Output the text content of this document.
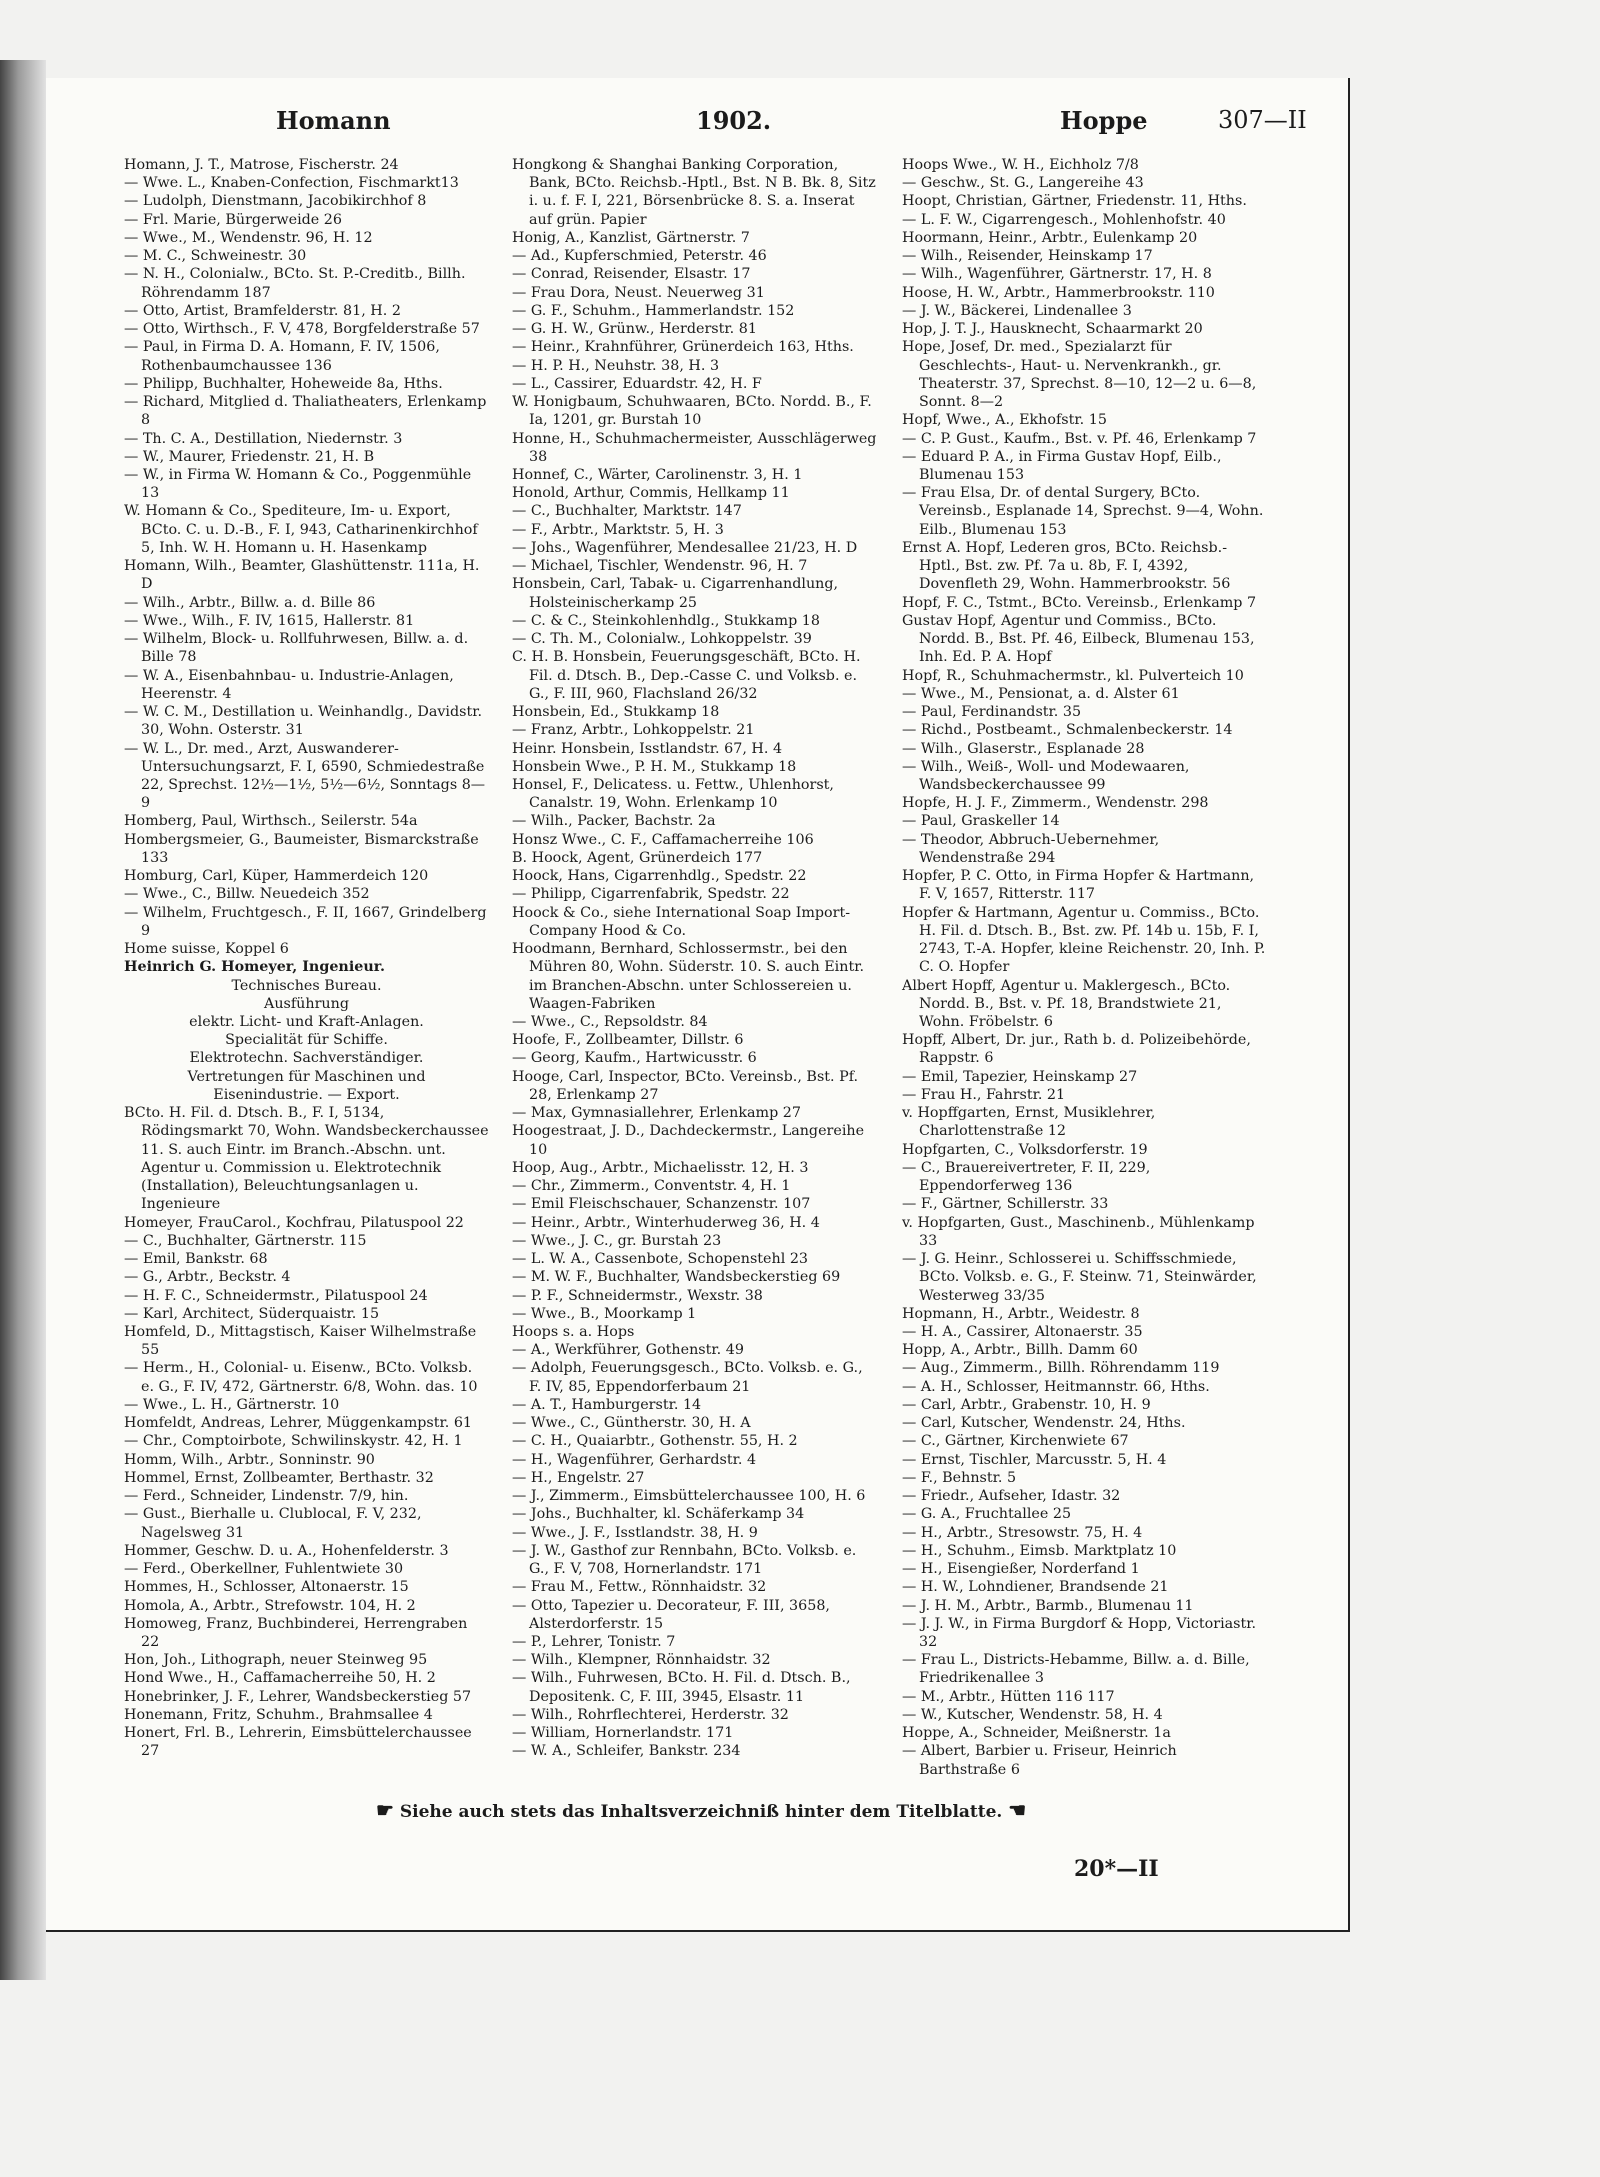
Homann	1902.	Hoppe	307—II

Homann, J. T., Matrose, Fischerstr. 24

— Wwe. L., Knaben-Confection, Fischmarkt13

— Ludolph, Dienstmann, Jacobikirchhof 8

— Frl. Marie, Bürgerweide 26

— Wwe., M., Wendenstr. 96, H. 12

— M. C., Schweinestr. 30

— N. H., Colonialw., BCto. St. P.-Creditb., Billh. Röhrendamm 187

— Otto, Artist, Bramfelderstr. 81, H. 2

— Otto, Wirthsch., F. V, 478, Borgfelderstraße 57

— Paul, in Firma D. A. Homann, F. IV, 1506, Rothenbaumchaussee 136

— Philipp, Buchhalter, Hoheweide 8a, Hths.

— Richard, Mitglied d. Thaliatheaters, Erlenkamp 8

— Th. C. A., Destillation, Niedernstr. 3

— W., Maurer, Friedenstr. 21, H. B

— W., in Firma W. Homann & Co., Poggenmühle 13

W. Homann & Co., Spediteure, Im- u. Export, BCto. C. u. D.-B., F. I, 943, Catharinenkirchhof 5, Inh. W. H. Homann u. H. Hasenkamp

Homann, Wilh., Beamter, Glashüttenstr. 111a, H. D

— Wilh., Arbtr., Billw. a. d. Bille 86

— Wwe., Wilh., F. IV, 1615, Hallerstr. 81

— Wilhelm, Block- u. Rollfuhrwesen, Billw. a. d. Bille 78

— W. A., Eisenbahnbau- u. Industrie-Anlagen, Heerenstr. 4

— W. C. M., Destillation u. Weinhandlg., Davidstr. 30, Wohn. Osterstr. 31

— W. L., Dr. med., Arzt, Auswanderer-Untersuchungsarzt, F. I, 6590, Schmiedestraße 22, Sprechst. 12½—1½, 5½—6½, Sonntags 8—9

Homberg, Paul, Wirthsch., Seilerstr. 54a

Hombergsmeier, G., Baumeister, Bismarckstraße 133

Homburg, Carl, Küper, Hammerdeich 120

— Wwe., C., Billw. Neuedeich 352

— Wilhelm, Fruchtgesch., F. II, 1667, Grindelberg 9

Home suisse, Koppel 6

Heinrich G. Homeyer, Ingenieur.

Technisches Bureau.

Ausführung

elektr. Licht- und Kraft-Anlagen.

Specialität für Schiffe.

Elektrotechn. Sachverständiger.

Vertretungen für Maschinen und

Eisenindustrie. — Export.

BCto. H. Fil. d. Dtsch. B., F. I, 5134, Rödingsmarkt 70, Wohn. Wandsbeckerchaussee 11. S. auch Eintr. im Branch.-Abschn. unt. Agentur u. Commission u. Elektrotechnik (Installation), Beleuchtungsanlagen u. Ingenieure

Homeyer, FrauCarol., Kochfrau, Pilatuspool 22

— C., Buchhalter, Gärtnerstr. 115

— Emil, Bankstr. 68

— G., Arbtr., Beckstr. 4

— H. F. C., Schneidermstr., Pilatuspool 24

— Karl, Architect, Süderquaistr. 15

Homfeld, D., Mittagstisch, Kaiser Wilhelmstraße 55

— Herm., H., Colonial- u. Eisenw., BCto. Volksb. e. G., F. IV, 472, Gärtnerstr. 6/8, Wohn. das. 10

— Wwe., L. H., Gärtnerstr. 10

Homfeldt, Andreas, Lehrer, Müggenkampstr. 61

— Chr., Comptoirbote, Schwilinskystr. 42, H. 1

Homm, Wilh., Arbtr., Sonninstr. 90

Hommel, Ernst, Zollbeamter, Berthastr. 32

— Ferd., Schneider, Lindenstr. 7/9, hin.

— Gust., Bierhalle u. Clublocal, F. V, 232, Nagelsweg 31

Hommer, Geschw. D. u. A., Hohenfelderstr. 3

— Ferd., Oberkellner, Fuhlentwiete 30

Hommes, H., Schlosser, Altonaerstr. 15

Homola, A., Arbtr., Strefowstr. 104, H. 2

Homoweg, Franz, Buchbinderei, Herrengraben 22

Hon, Joh., Lithograph, neuer Steinweg 95

Hond Wwe., H., Caffamacherreihe 50, H. 2

Honebrinker, J. F., Lehrer, Wandsbeckerstieg 57

Honemann, Fritz, Schuhm., Brahmsallee 4

Honert, Frl. B., Lehrerin, Eimsbüttelerchaussee 27

Hongkong & Shanghai Banking Corporation, Bank, BCto. Reichsb.-Hptl., Bst. N B. Bk. 8, Sitz i. u. f. F. I, 221, Börsenbrücke 8. S. a. Inserat auf grün. Papier

Honig, A., Kanzlist, Gärtnerstr. 7

— Ad., Kupferschmied, Peterstr. 46

— Conrad, Reisender, Elsastr. 17

— Frau Dora, Neust. Neuerweg 31

— G. F., Schuhm., Hammerlandstr. 152

— G. H. W., Grünw., Herderstr. 81

— Heinr., Krahnführer, Grünerdeich 163, Hths.

— H. P. H., Neuhstr. 38, H. 3

— L., Cassirer, Eduardstr. 42, H. F

W. Honigbaum, Schuhwaaren, BCto. Nordd. B., F. Ia, 1201, gr. Burstah 10

Honne, H., Schuhmachermeister, Ausschlägerweg 38

Honnef, C., Wärter, Carolinenstr. 3, H. 1

Honold, Arthur, Commis, Hellkamp 11

— C., Buchhalter, Marktstr. 147

— F., Arbtr., Marktstr. 5, H. 3

— Johs., Wagenführer, Mendesallee 21/23, H. D

— Michael, Tischler, Wendenstr. 96, H. 7

Honsbein, Carl, Tabak- u. Cigarrenhandlung, Holsteinischerkamp 25

— C. & C., Steinkohlenhdlg., Stukkamp 18

— C. Th. M., Colonialw., Lohkoppelstr. 39

C. H. B. Honsbein, Feuerungsgeschäft, BCto. H. Fil. d. Dtsch. B., Dep.-Casse C. und Volksb. e. G., F. III, 960, Flachsland 26/32

Honsbein, Ed., Stukkamp 18

— Franz, Arbtr., Lohkoppelstr. 21

Heinr. Honsbein, Isstlandstr. 67, H. 4

Honsbein Wwe., P. H. M., Stukkamp 18

Honsel, F., Delicatess. u. Fettw., Uhlenhorst, Canalstr. 19, Wohn. Erlenkamp 10

— Wilh., Packer, Bachstr. 2a

Honsz Wwe., C. F., Caffamacherreihe 106

B. Hoock, Agent, Grünerdeich 177

Hoock, Hans, Cigarrenhdlg., Spedstr. 22

— Philipp, Cigarrenfabrik, Spedstr. 22

Hoock & Co., siehe International Soap Import-Company Hood & Co.

Hoodmann, Bernhard, Schlossermstr., bei den Mühren 80, Wohn. Süderstr. 10. S. auch Eintr. im Branchen-Abschn. unter Schlossereien u. Waagen-Fabriken

— Wwe., C., Repsoldstr. 84

Hoofe, F., Zollbeamter, Dillstr. 6

— Georg, Kaufm., Hartwicusstr. 6

Hooge, Carl, Inspector, BCto. Vereinsb., Bst. Pf. 28, Erlenkamp 27

— Max, Gymnasiallehrer, Erlenkamp 27

Hoogestraat, J. D., Dachdeckermstr., Langereihe 10

Hoop, Aug., Arbtr., Michaelisstr. 12, H. 3

— Chr., Zimmerm., Conventstr. 4, H. 1

— Emil Fleischschauer, Schanzenstr. 107

— Heinr., Arbtr., Winterhuderweg 36, H. 4

— Wwe., J. C., gr. Burstah 23

— L. W. A., Cassenbote, Schopenstehl 23

— M. W. F., Buchhalter, Wandsbeckerstieg 69

— P. F., Schneidermstr., Wexstr. 38

— Wwe., B., Moorkamp 1

Hoops s. a. Hops

— A., Werkführer, Gothenstr. 49

— Adolph, Feuerungsgesch., BCto. Volksb. e. G., F. IV, 85, Eppendorferbaum 21

— A. T., Hamburgerstr. 14

— Wwe., C., Güntherstr. 30, H. A

— C. H., Quaiarbtr., Gothenstr. 55, H. 2

— H., Wagenführer, Gerhardstr. 4

— H., Engelstr. 27

— J., Zimmerm., Eimsbüttelerchaussee 100, H. 6

— Johs., Buchhalter, kl. Schäferkamp 34

— Wwe., J. F., Isstlandstr. 38, H. 9

— J. W., Gasthof zur Rennbahn, BCto. Volksb. e. G., F. V, 708, Hornerlandstr. 171

— Frau M., Fettw., Rönnhaidstr. 32

— Otto, Tapezier u. Decorateur, F. III, 3658, Alsterdorferstr. 15

— P., Lehrer, Tonistr. 7

— Wilh., Klempner, Rönnhaidstr. 32

— Wilh., Fuhrwesen, BCto. H. Fil. d. Dtsch. B., Depositenk. C, F. III, 3945, Elsastr. 11

— Wilh., Rohrflechterei, Herderstr. 32

— William, Hornerlandstr. 171

— W. A., Schleifer, Bankstr. 234

Hoops Wwe., W. H., Eichholz 7/8

— Geschw., St. G., Langereihe 43

Hoopt, Christian, Gärtner, Friedenstr. 11, Hths.

— L. F. W., Cigarrengesch., Mohlenhofstr. 40

Hoormann, Heinr., Arbtr., Eulenkamp 20

— Wilh., Reisender, Heinskamp 17

— Wilh., Wagenführer, Gärtnerstr. 17, H. 8

Hoose, H. W., Arbtr., Hammerbrookstr. 110

— J. W., Bäckerei, Lindenallee 3

Hop, J. T. J., Hausknecht, Schaarmarkt 20

Hope, Josef, Dr. med., Spezialarzt für Geschlechts-, Haut- u. Nervenkrankh., gr. Theaterstr. 37, Sprechst. 8—10, 12—2 u. 6—8, Sonnt. 8—2

Hopf, Wwe., A., Ekhofstr. 15

— C. P. Gust., Kaufm., Bst. v. Pf. 46, Erlenkamp 7

— Eduard P. A., in Firma Gustav Hopf, Eilb., Blumenau 153

— Frau Elsa, Dr. of dental Surgery, BCto. Vereinsb., Esplanade 14, Sprechst. 9—4, Wohn. Eilb., Blumenau 153

Ernst A. Hopf, Lederen gros, BCto. Reichsb.-Hptl., Bst. zw. Pf. 7a u. 8b, F. I, 4392, Dovenfleth 29, Wohn. Hammerbrookstr. 56

Hopf, F. C., Tstmt., BCto. Vereinsb., Erlenkamp 7

Gustav Hopf, Agentur und Commiss., BCto. Nordd. B., Bst. Pf. 46, Eilbeck, Blumenau 153, Inh. Ed. P. A. Hopf

Hopf, R., Schuhmachermstr., kl. Pulverteich 10

— Wwe., M., Pensionat, a. d. Alster 61

— Paul, Ferdinandstr. 35

— Richd., Postbeamt., Schmalenbeckerstr. 14

— Wilh., Glaserstr., Esplanade 28

— Wilh., Weiß-, Woll- und Modewaaren, Wandsbeckerchaussee 99

Hopfe, H. J. F., Zimmerm., Wendenstr. 298

— Paul, Graskeller 14

— Theodor, Abbruch-Uebernehmer, Wendenstraße 294

Hopfer, P. C. Otto, in Firma Hopfer & Hartmann, F. V, 1657, Ritterstr. 117

Hopfer & Hartmann, Agentur u. Commiss., BCto. H. Fil. d. Dtsch. B., Bst. zw. Pf. 14b u. 15b, F. I, 2743, T.-A. Hopfer, kleine Reichenstr. 20, Inh. P. C. O. Hopfer

Albert Hopff, Agentur u. Maklergesch., BCto. Nordd. B., Bst. v. Pf. 18, Brandstwiete 21, Wohn. Fröbelstr. 6

Hopff, Albert, Dr. jur., Rath b. d. Polizeibehörde, Rappstr. 6

— Emil, Tapezier, Heinskamp 27

— Frau H., Fahrstr. 21

v. Hopffgarten, Ernst, Musiklehrer, Charlottenstraße 12

Hopfgarten, C., Volksdorferstr. 19

— C., Brauereivertreter, F. II, 229, Eppendorferweg 136

— F., Gärtner, Schillerstr. 33

v. Hopfgarten, Gust., Maschinenb., Mühlenkamp 33

— J. G. Heinr., Schlosserei u. Schiffsschmiede, BCto. Volksb. e. G., F. Steinw. 71, Steinwärder, Westerweg 33/35

Hopmann, H., Arbtr., Weidestr. 8

— H. A., Cassirer, Altonaerstr. 35

Hopp, A., Arbtr., Billh. Damm 60

— Aug., Zimmerm., Billh. Röhrendamm 119

— A. H., Schlosser, Heitmannstr. 66, Hths.

— Carl, Arbtr., Grabenstr. 10, H. 9

— Carl, Kutscher, Wendenstr. 24, Hths.

— C., Gärtner, Kirchenwiete 67

— Ernst, Tischler, Marcusstr. 5, H. 4

— F., Behnstr. 5

— Friedr., Aufseher, Idastr. 32

— G. A., Fruchtallee 25

— H., Arbtr., Stresowstr. 75, H. 4

— H., Schuhm., Eimsb. Marktplatz 10

— H., Eisengießer, Norderfand 1

— H. W., Lohndiener, Brandsende 21

— J. H. M., Arbtr., Barmb., Blumenau 11

— J. J. W., in Firma Burgdorf & Hopp, Victoriastr. 32

— Frau L., Districts-Hebamme, Billw. a. d. Bille, Friedrikenallee 3

— M., Arbtr., Hütten 116 117

— W., Kutscher, Wendenstr. 58, H. 4

Hoppe, A., Schneider, Meißnerstr. 1a

— Albert, Barbier u. Friseur, Heinrich Barthstraße 6

☛ Siehe auch stets das Inhaltsverzeichniß hinter dem Titelblatte. ☚
20*—II
